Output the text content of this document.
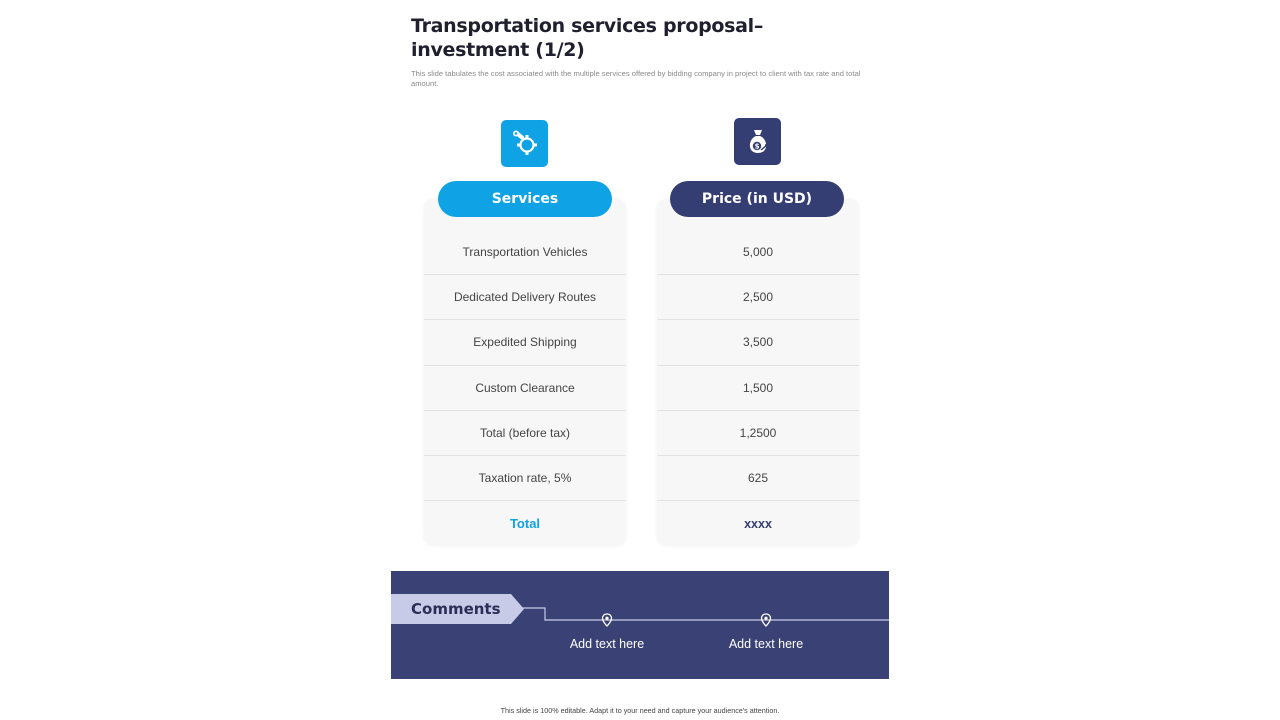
Transportation services proposal– investment (1/2)
This slide tabulates the cost associated with the multiple services offered by bidding company in project to client with tax rate and total amount.
$
Services	Price (in USD)
Transportation Vehicles
Dedicated Delivery Routes
Expedited Shipping
Custom Clearance
Total (before tax)
Taxation rate, 5%
Total
5,000
2,500
3,500
1,500
1,2500
625
xxxx
Comments
Add text here	Add text here
This slide is 100% editable. Adapt it to your need and capture your audience's attention.
